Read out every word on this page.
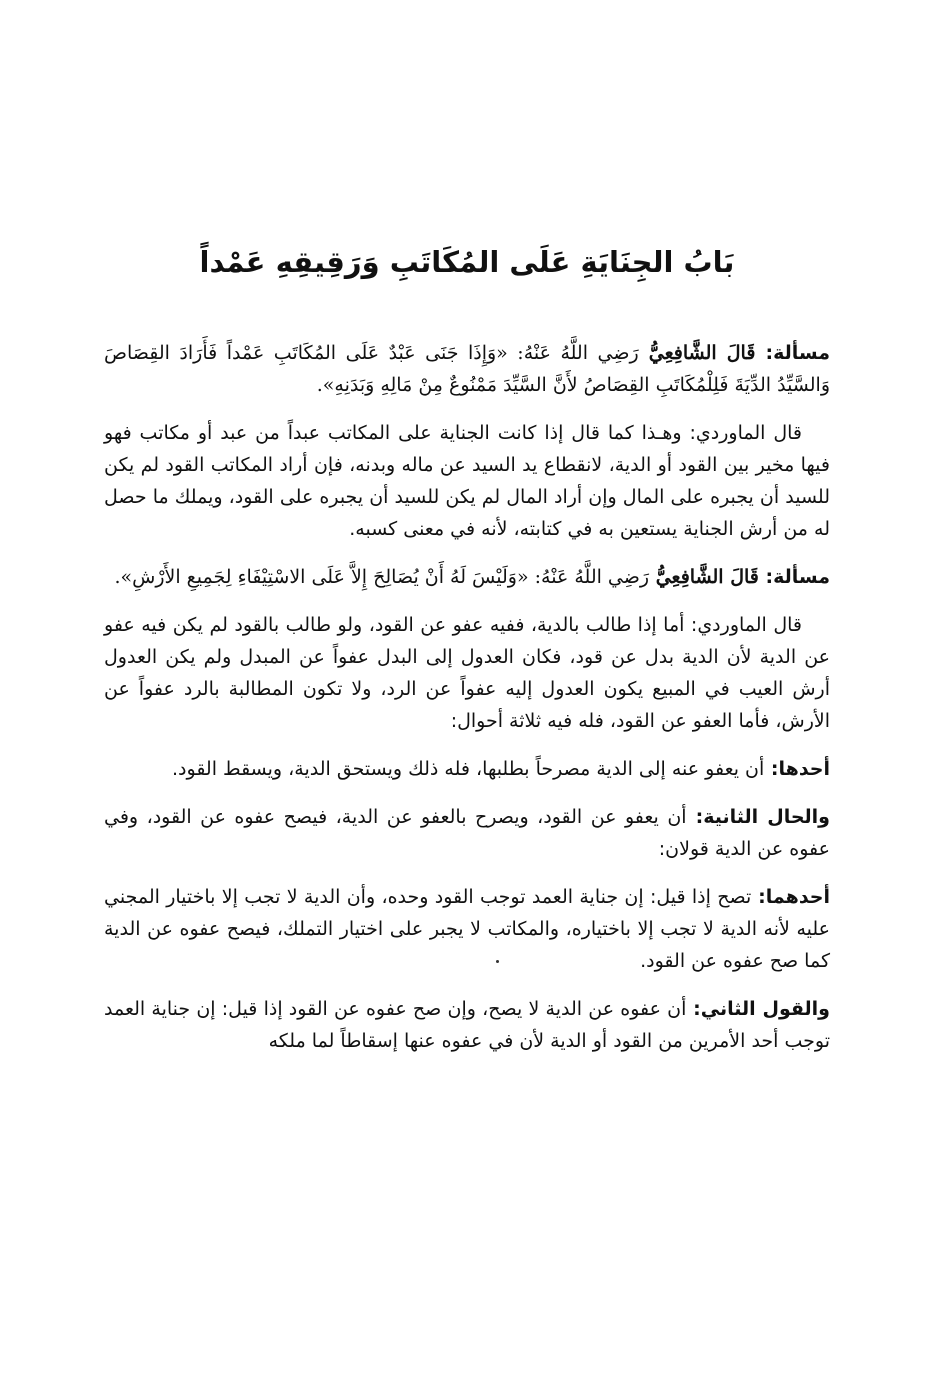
بَابُ الجِنَايَةِ عَلَى المُكَاتَبِ وَرَقِيقِهِ عَمْداً

مسألة: قَالَ الشَّافِعِيُّ رَضِي اللَّهُ عَنْهُ: «وَإِذَا جَنَى عَبْدٌ عَلَى المُكَاتَبِ عَمْداً فَأَرَادَ القِصَاصَ وَالسَّيِّدُ الدِّيَةَ فَلِلْمُكَاتَبِ القِصَاصُ لأَنَّ السَّيِّدَ مَمْنُوعٌ مِنْ مَالِهِ وَبَدَنِهِ».

قال الماوردي: وهـذا كما قال إذا كانت الجناية على المكاتب عبداً من عبد أو مكاتب فهو فيها مخير بين القود أو الدية، لانقطاع يد السيد عن ماله وبدنه، فإن أراد المكاتب القود لم يكن للسيد أن يجبره على المال وإن أراد المال لم يكن للسيد أن يجبره على القود، ويملك ما حصل له من أرش الجناية يستعين به في كتابته، لأنه في معنى كسبه.

مسألة: قَالَ الشَّافِعِيُّ رَضِي اللَّهُ عَنْهُ: «وَلَيْسَ لَهُ أَنْ يُصَالِحَ إِلاَّ عَلَى الاسْتِيْفَاءِ لِجَمِيعِ الأَرْشِ».

قال الماوردي: أما إذا طالب بالدية، ففيه عفو عن القود، ولو طالب بالقود لم يكن فيه عفو عن الدية لأن الدية بدل عن قود، فكان العدول إلى البدل عفواً عن المبدل ولم يكن العدول أرش العيب في المبيع يكون العدول إليه عفواً عن الرد، ولا تكون المطالبة بالرد عفواً عن الأرش، فأما العفو عن القود، فله فيه ثلاثة أحوال:

أحدها: أن يعفو عنه إلى الدية مصرحاً بطلبها، فله ذلك ويستحق الدية، ويسقط القود.

والحال الثانية: أن يعفو عن القود، ويصرح بالعفو عن الدية، فيصح عفوه عن القود، وفي عفوه عن الدية قولان:

أحدهما: تصح إذا قيل: إن جناية العمد توجب القود وحده، وأن الدية لا تجب إلا باختيار المجني عليه لأنه الدية لا تجب إلا باختياره، والمكاتب لا يجبر على اختيار التملك، فيصح عفوه عن الدية كما صح عفوه عن القود.

والقول الثاني: أن عفوه عن الدية لا يصح، وإن صح عفوه عن القود إذا قيل: إن جناية العمد توجب أحد الأمرين من القود أو الدية لأن في عفوه عنها إسقاطاً لما ملكه
